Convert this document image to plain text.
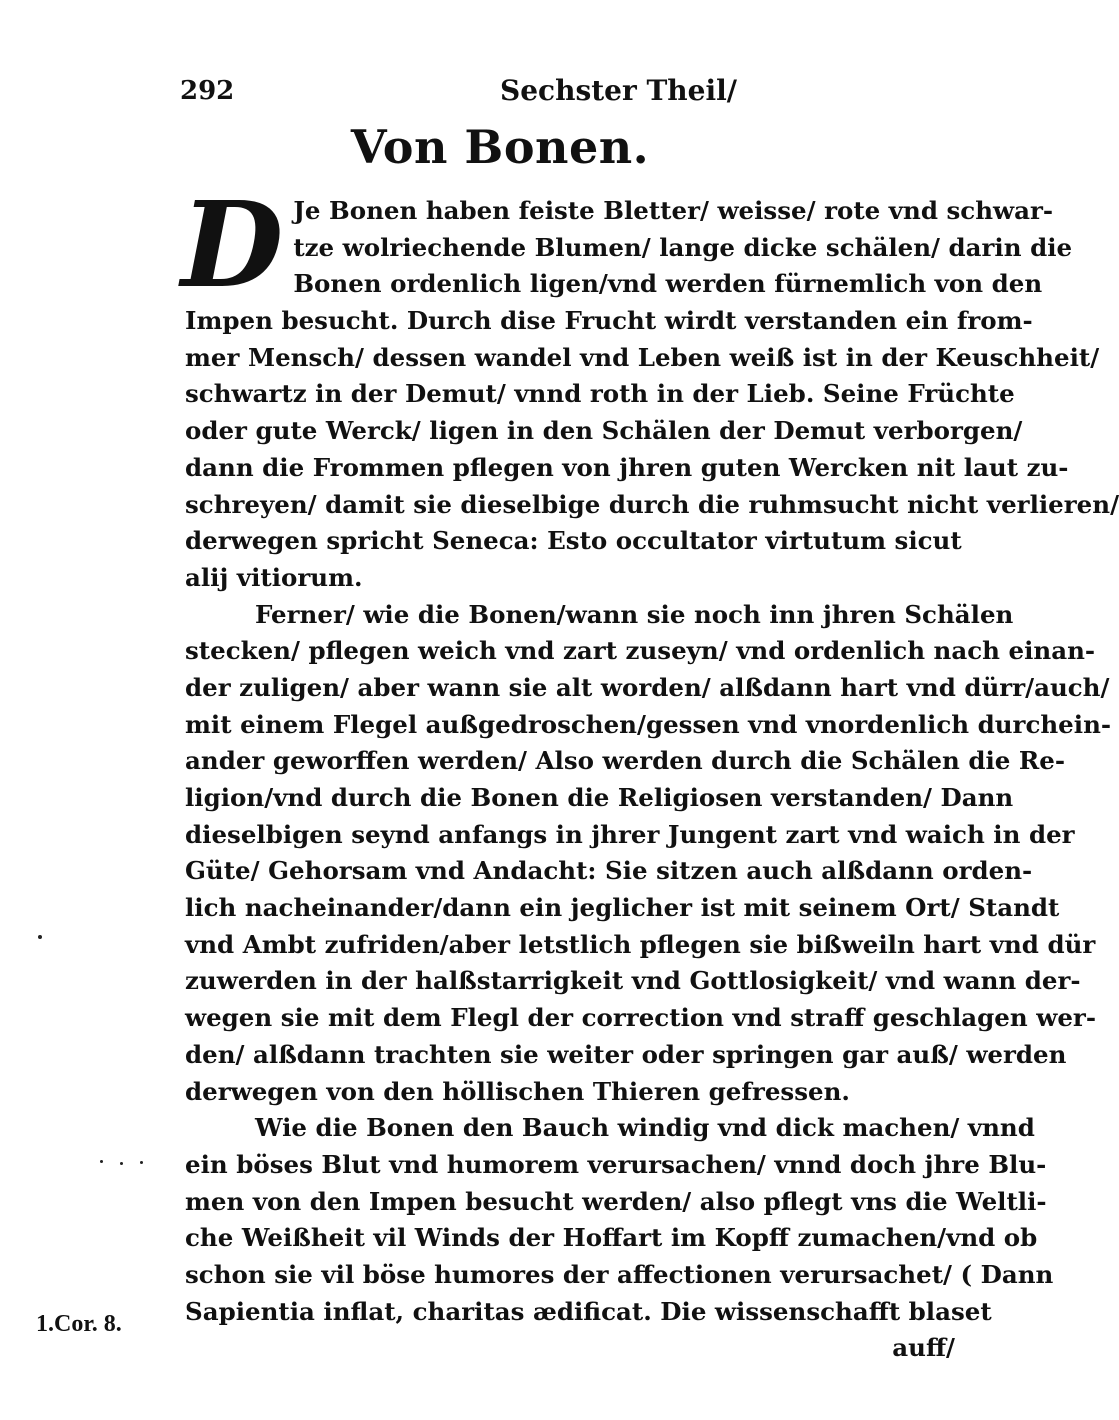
292	Sechster Theil/
Von Bonen.
D Je Bonen haben feiste Bletter/ weisse/ rote vnd schwar-
tze wolriechende Blumen/ lange dicke schälen/ darin die
Bonen ordenlich ligen/vnd werden fürnemlich von den
Impen besucht. Durch dise Frucht wirdt verstanden ein from-
mer Mensch/ dessen wandel vnd Leben weiß ist in der Keuschheit/
schwartz in der Demut/ vnnd roth in der Lieb. Seine Früchte
oder gute Werck/ ligen in den Schälen der Demut verborgen/
dann die Frommen pflegen von jhren guten Wercken nit laut zu-
schreyen/ damit sie dieselbige durch die ruhmsucht nicht verlieren/
derwegen spricht Seneca: Esto occultator virtutum sicut
alij vitiorum.
Ferner/ wie die Bonen/wann sie noch inn jhren Schälen
stecken/ pflegen weich vnd zart zuseyn/ vnd ordenlich nach einan-
der zuligen/ aber wann sie alt worden/ alßdann hart vnd dürr/auch/
mit einem Flegel außgedroschen/gessen vnd vnordenlich durchein-
ander geworffen werden/ Also werden durch die Schälen die Re-
ligion/vnd durch die Bonen die Religiosen verstanden/ Dann
dieselbigen seynd anfangs in jhrer Jungent zart vnd waich in der
Güte/ Gehorsam vnd Andacht: Sie sitzen auch alßdann orden-
lich nacheinander/dann ein jeglicher ist mit seinem Ort/ Standt
vnd Ambt zufriden/aber letstlich pflegen sie bißweiln hart vnd dür
zuwerden in der halßstarrigkeit vnd Gottlosigkeit/ vnd wann der-
wegen sie mit dem Flegl der correction vnd straff geschlagen wer-
den/ alßdann trachten sie weiter oder springen gar auß/ werden
derwegen von den höllischen Thieren gefressen.
Wie die Bonen den Bauch windig vnd dick machen/ vnnd
ein böses Blut vnd humorem verursachen/ vnnd doch jhre Blu-
men von den Impen besucht werden/ also pflegt vns die Weltli-
che Weißheit vil Winds der Hoffart im Kopff zumachen/vnd ob
schon sie vil böse humores der affectionen verursachet/ ( Dann
Sapientia inflat, charitas ædificat. Die wissenschafft blaset
auff/
1.Cor. 8.
